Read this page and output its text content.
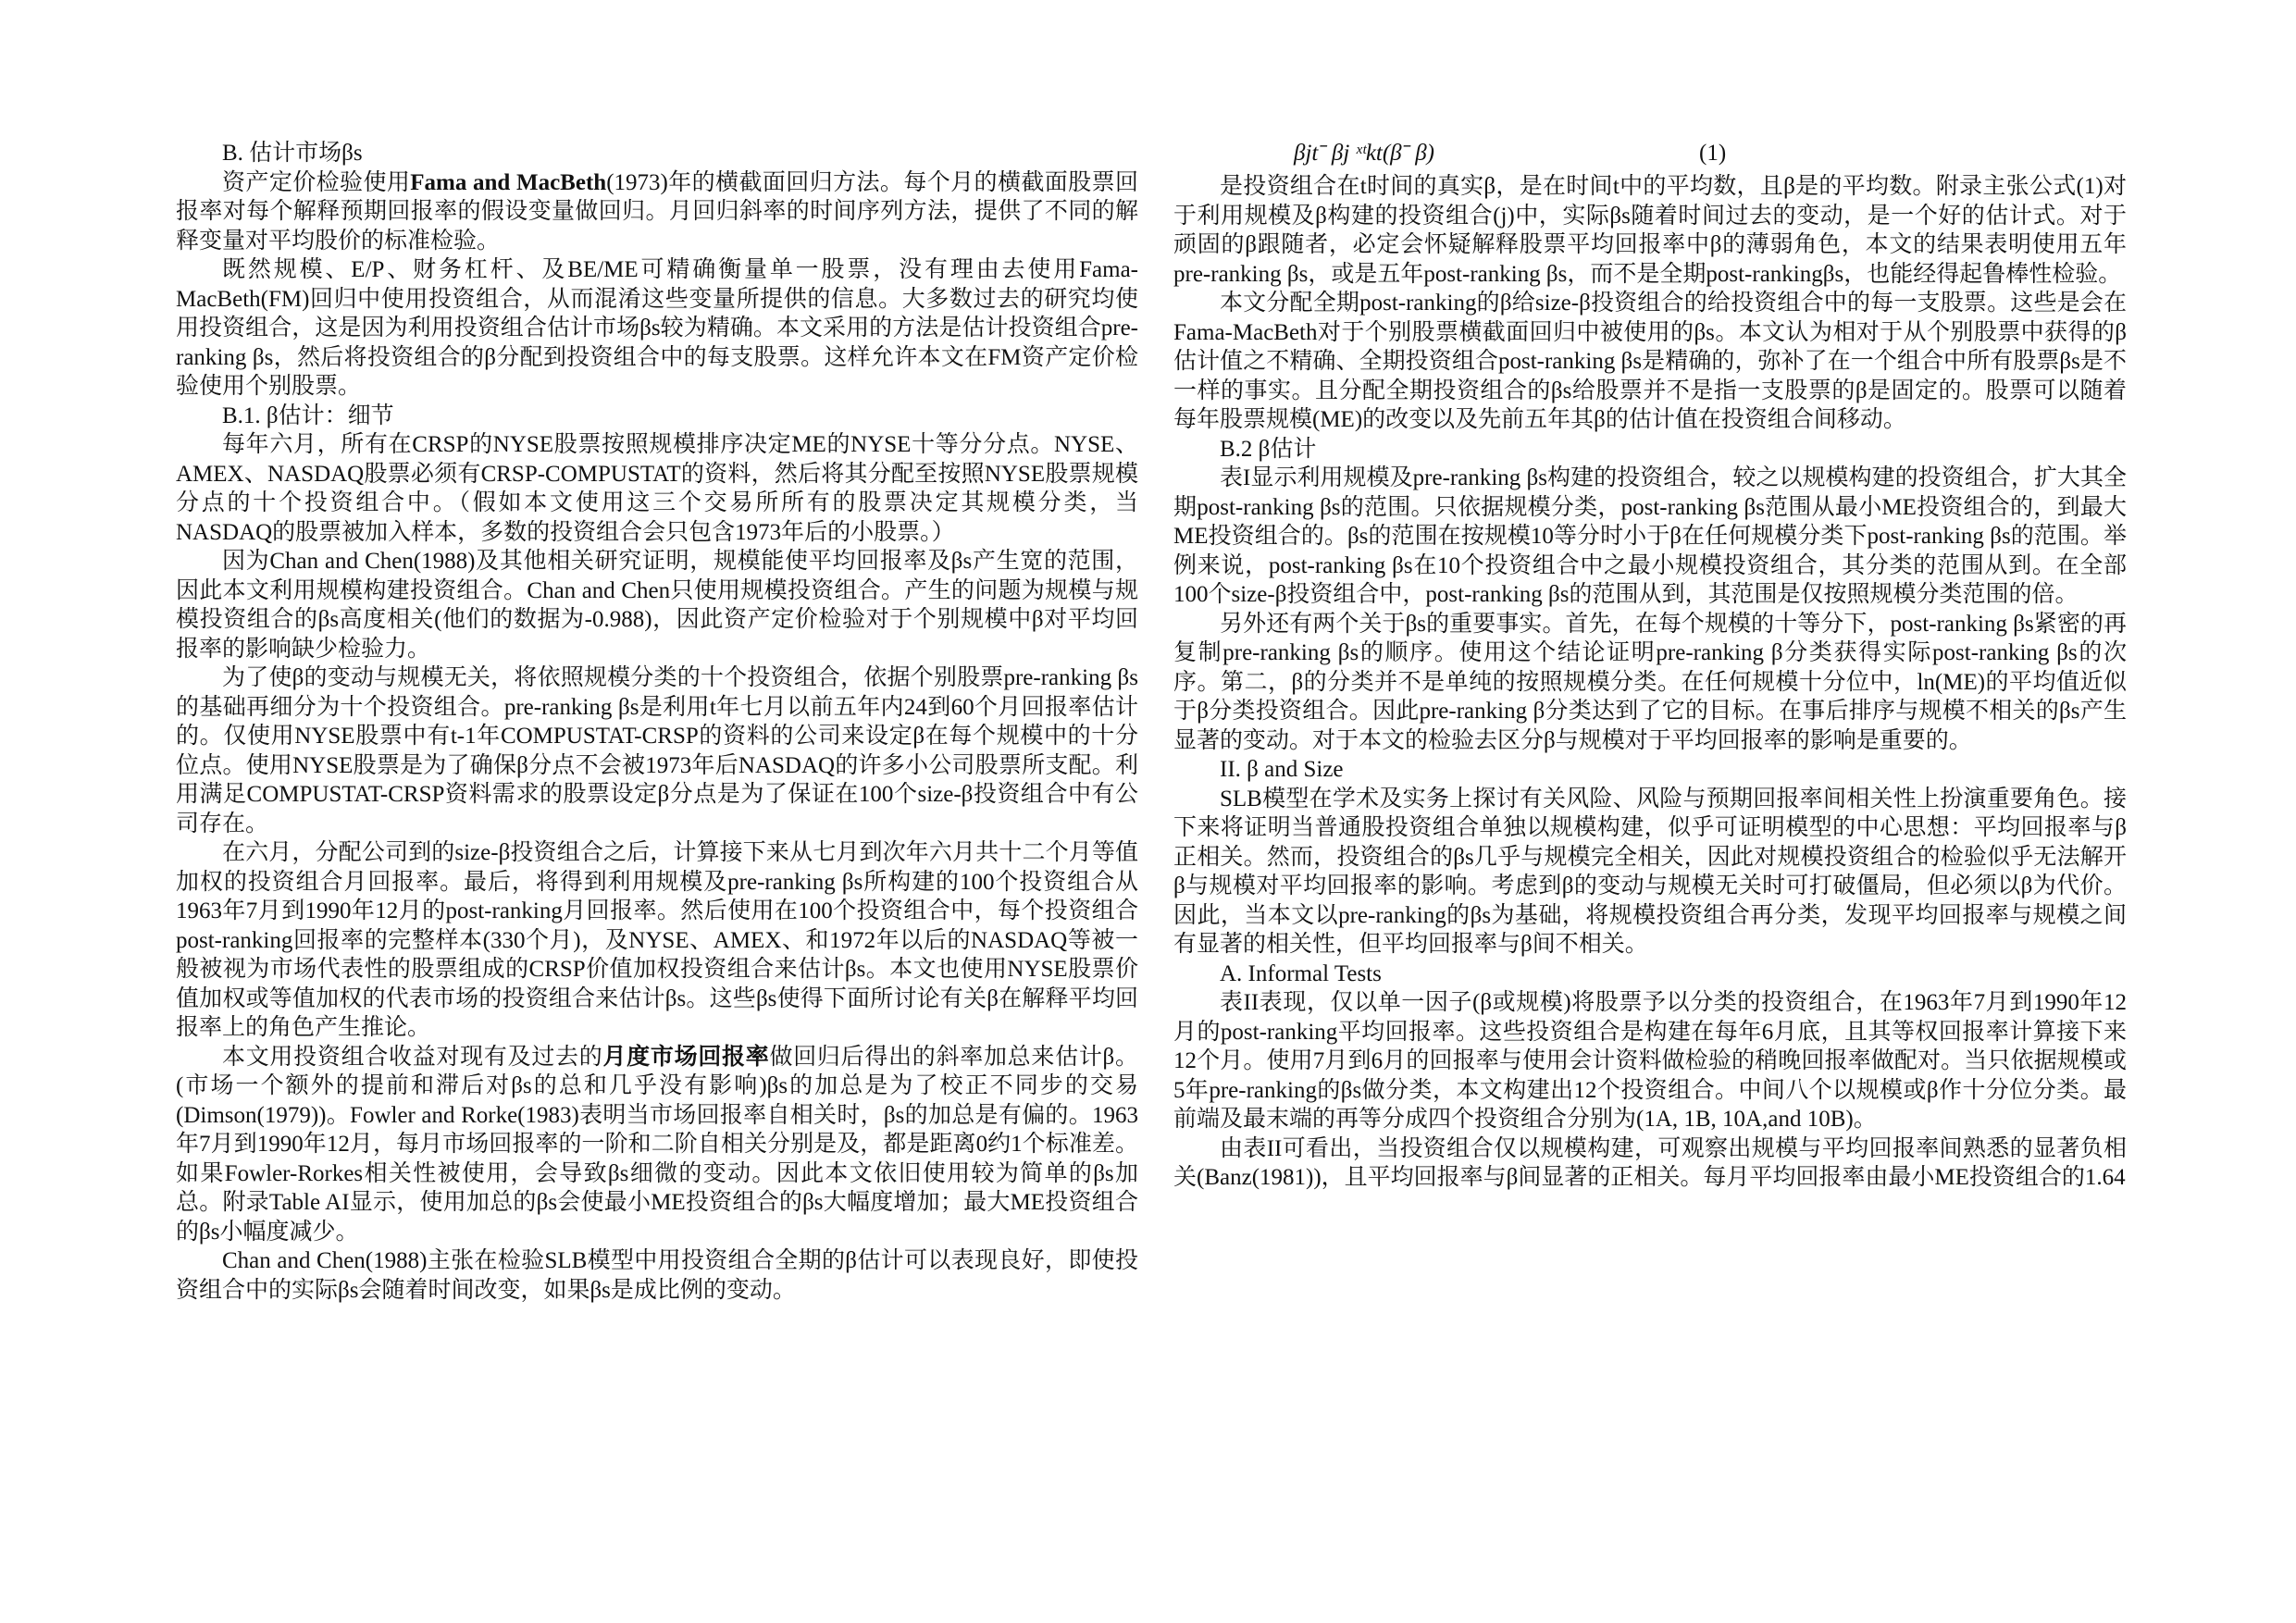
B. 估计市场βs

资产定价检验使用Fama and MacBeth(1973)年的横截面回归方法。每个月的横截面股票回报率对每个解释预期回报率的假设变量做回归。月回归斜率的时间序列方法，提供了不同的解释变量对平均股价的标准检验。

既然规模、E/P、财务杠杆、及BE/ME可精确衡量单一股票，没有理由去使用Fama-MacBeth(FM)回归中使用投资组合，从而混淆这些变量所提供的信息。大多数过去的研究均使用投资组合，这是因为利用投资组合估计市场βs较为精确。本文采用的方法是估计投资组合pre-ranking βs，然后将投资组合的β分配到投资组合中的每支股票。这样允许本文在FM资产定价检验使用个别股票。

B.1. β估计：细节

每年六月，所有在CRSP的NYSE股票按照规模排序决定ME的NYSE十等分分点。NYSE、AMEX、NASDAQ股票必须有CRSP-COMPUSTAT的资料，然后将其分配至按照NYSE股票规模分点的十个投资组合中。（假如本文使用这三个交易所所有的股票决定其规模分类，当NASDAQ的股票被加入样本，多数的投资组合会只包含1973年后的小股票。）

因为Chan and Chen(1988)及其他相关研究证明，规模能使平均回报率及βs产生宽的范围，因此本文利用规模构建投资组合。Chan and Chen只使用规模投资组合。产生的问题为规模与规模投资组合的βs高度相关(他们的数据为-0.988)，因此资产定价检验对于个别规模中β对平均回报率的影响缺少检验力。

为了使β的变动与规模无关，将依照规模分类的十个投资组合，依据个别股票pre-ranking βs的基础再细分为十个投资组合。pre-ranking βs是利用t年七月以前五年内24到60个月回报率估计的。仅使用NYSE股票中有t-1年COMPUSTAT-CRSP的资料的公司来设定β在每个规模中的十分位点。使用NYSE股票是为了确保β分点不会被1973年后NASDAQ的许多小公司股票所支配。利用满足COMPUSTAT-CRSP资料需求的股票设定β分点是为了保证在100个size-β投资组合中有公司存在。

在六月，分配公司到的size-β投资组合之后，计算接下来从七月到次年六月共十二个月等值加权的投资组合月回报率。最后，将得到利用规模及pre-ranking βs所构建的100个投资组合从1963年7月到1990年12月的post-ranking月回报率。然后使用在100个投资组合中，每个投资组合post-ranking回报率的完整样本(330个月)，及NYSE、AMEX、和1972年以后的NASDAQ等被一般被视为市场代表性的股票组成的CRSP价值加权投资组合来估计βs。本文也使用NYSE股票价值加权或等值加权的代表市场的投资组合来估计βs。这些βs使得下面所讨论有关β在解释平均回报率上的角色产生推论。

本文用投资组合收益对现有及过去的月度市场回报率做回归后得出的斜率加总来估计β。(市场一个额外的提前和滞后对βs的总和几乎没有影响)βs的加总是为了校正不同步的交易(Dimson(1979))。Fowler and Rorke(1983)表明当市场回报率自相关时，βs的加总是有偏的。1963年7月到1990年12月，每月市场回报率的一阶和二阶自相关分别是及，都是距离0约1个标准差。如果Fowler-Rorkes相关性被使用，会导致βs细微的变动。因此本文依旧使用较为简单的βs加总。附录Table AI显示，使用加总的βs会使最小ME投资组合的βs大幅度增加；最大ME投资组合的βs小幅度减少。

Chan and Chen(1988)主张在检验SLB模型中用投资组合全期的β估计可以表现良好，即使投资组合中的实际βs会随着时间改变，如果βs是成比例的变动。

βjtˉ βj ˣᵗkt(βˉ β)	(1)

是投资组合在t时间的真实β，是在时间t中的平均数，且β是的平均数。附录主张公式(1)对于利用规模及β构建的投资组合(j)中，实际βs随着时间过去的变动，是一个好的估计式。对于顽固的β跟随者，必定会怀疑解释股票平均回报率中β的薄弱角色，本文的结果表明使用五年pre-ranking βs，或是五年post-ranking βs，而不是全期post-rankingβs，也能经得起鲁棒性检验。

本文分配全期post-ranking的β给size-β投资组合的给投资组合中的每一支股票。这些是会在Fama-MacBeth对于个别股票横截面回归中被使用的βs。本文认为相对于从个别股票中获得的β估计值之不精确、全期投资组合post-ranking βs是精确的，弥补了在一个组合中所有股票βs是不一样的事实。且分配全期投资组合的βs给股票并不是指一支股票的β是固定的。股票可以随着每年股票规模(ME)的改变以及先前五年其β的估计值在投资组合间移动。

B.2 β估计

表I显示利用规模及pre-ranking βs构建的投资组合，较之以规模构建的投资组合，扩大其全期post-ranking βs的范围。只依据规模分类，post-ranking βs范围从最小ME投资组合的，到最大ME投资组合的。βs的范围在按规模10等分时小于β在任何规模分类下post-ranking βs的范围。举例来说，post-ranking βs在10个投资组合中之最小规模投资组合，其分类的范围从到。在全部100个size-β投资组合中，post-ranking βs的范围从到，其范围是仅按照规模分类范围的倍。

另外还有两个关于βs的重要事实。首先，在每个规模的十等分下，post-ranking βs紧密的再复制pre-ranking βs的顺序。使用这个结论证明pre-ranking β分类获得实际post-ranking βs的次序。第二，β的分类并不是单纯的按照规模分类。在任何规模十分位中，ln(ME)的平均值近似于β分类投资组合。因此pre-ranking β分类达到了它的目标。在事后排序与规模不相关的βs产生显著的变动。对于本文的检验去区分β与规模对于平均回报率的影响是重要的。

II. β and Size

SLB模型在学术及实务上探讨有关风险、风险与预期回报率间相关性上扮演重要角色。接下来将证明当普通股投资组合单独以规模构建，似乎可证明模型的中心思想：平均回报率与β正相关。然而，投资组合的βs几乎与规模完全相关，因此对规模投资组合的检验似乎无法解开β与规模对平均回报率的影响。考虑到β的变动与规模无关时可打破僵局，但必须以β为代价。因此，当本文以pre-ranking的βs为基础，将规模投资组合再分类，发现平均回报率与规模之间有显著的相关性，但平均回报率与β间不相关。

A. Informal Tests

表II表现，仅以单一因子(β或规模)将股票予以分类的投资组合，在1963年7月到1990年12月的post-ranking平均回报率。这些投资组合是构建在每年6月底，且其等权回报率计算接下来12个月。使用7月到6月的回报率与使用会计资料做检验的稍晚回报率做配对。当只依据规模或5年pre-ranking的βs做分类，本文构建出12个投资组合。中间八个以规模或β作十分位分类。最前端及最末端的再等分成四个投资组合分别为(1A, 1B, 10A,and 10B)。

由表II可看出，当投资组合仅以规模构建，可观察出规模与平均回报率间熟悉的显著负相关(Banz(1981))，且平均回报率与β间显著的正相关。每月平均回报率由最小ME投资组合的1.64
